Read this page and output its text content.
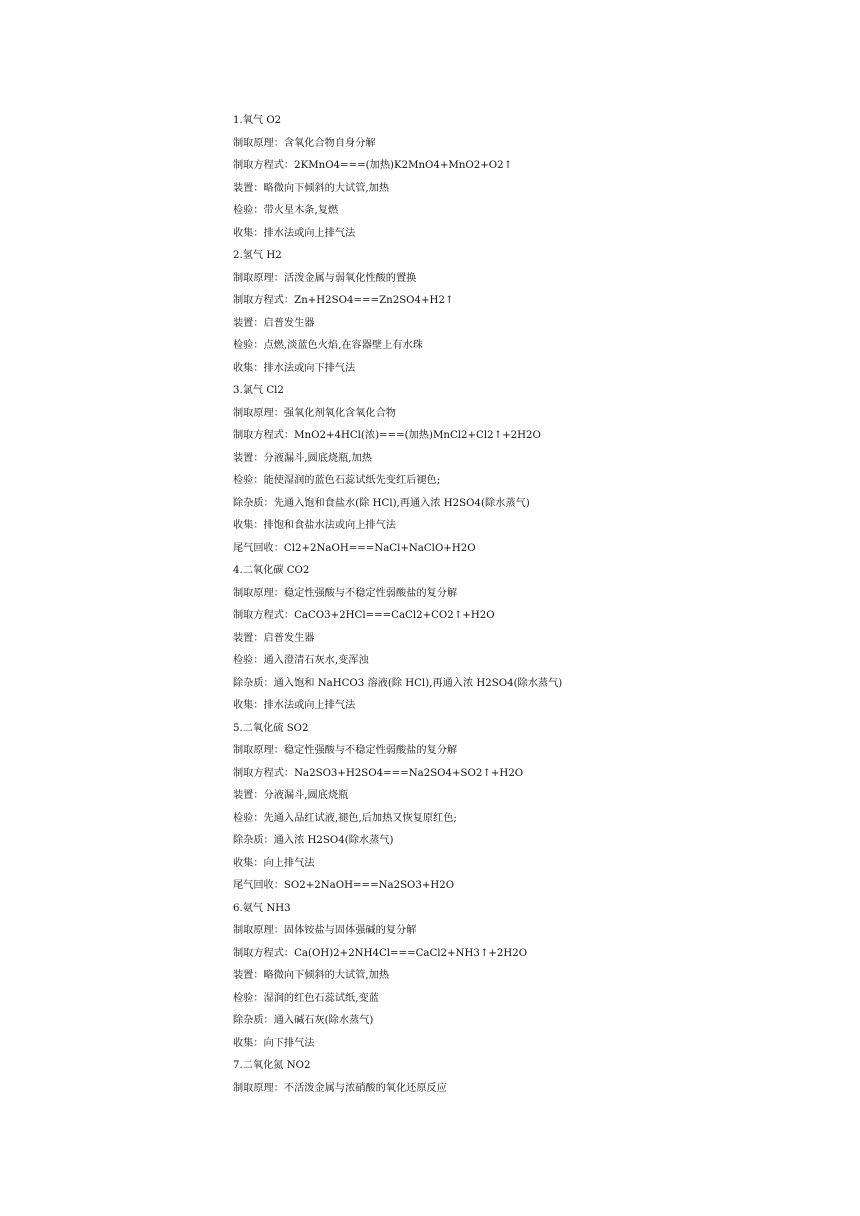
1.氧气 O2
制取原理：含氧化合物自身分解
制取方程式：2KMnO4===(加热)K2MnO4+MnO2+O2↑
装置：略微向下倾斜的大试管,加热
检验：带火星木条,复燃
收集：排水法或向上排气法
2.氢气 H2
制取原理：活泼金属与弱氧化性酸的置换
制取方程式：Zn+H2SO4===Zn2SO4+H2↑
装置：启普发生器
检验：点燃,淡蓝色火焰,在容器壁上有水珠
收集：排水法或向下排气法
3.氯气 Cl2
制取原理：强氧化剂氧化含氧化合物
制取方程式：MnO2+4HCl(浓)===(加热)MnCl2+Cl2↑+2H2O
装置：分液漏斗,圆底烧瓶,加热
检验：能使湿润的蓝色石蕊试纸先变红后褪色;
除杂质：先通入饱和食盐水(除 HCl),再通入浓 H2SO4(除水蒸气)
收集：排饱和食盐水法或向上排气法
尾气回收：Cl2+2NaOH===NaCl+NaClO+H2O
4.二氧化碳 CO2
制取原理：稳定性强酸与不稳定性弱酸盐的复分解
制取方程式：CaCO3+2HCl===CaCl2+CO2↑+H2O
装置：启普发生器
检验：通入澄清石灰水,变浑浊
除杂质：通入饱和 NaHCO3 溶液(除 HCl),再通入浓 H2SO4(除水蒸气)
收集：排水法或向上排气法
5.二氧化硫 SO2
制取原理：稳定性强酸与不稳定性弱酸盐的复分解
制取方程式：Na2SO3+H2SO4===Na2SO4+SO2↑+H2O
装置：分液漏斗,圆底烧瓶
检验：先通入品红试液,褪色,后加热又恢复原红色;
除杂质：通入浓 H2SO4(除水蒸气)
收集：向上排气法
尾气回收：SO2+2NaOH===Na2SO3+H2O
6.氨气 NH3
制取原理：固体铵盐与固体强碱的复分解
制取方程式：Ca(OH)2+2NH4Cl===CaCl2+NH3↑+2H2O
装置：略微向下倾斜的大试管,加热
检验：湿润的红色石蕊试纸,变蓝
除杂质：通入碱石灰(除水蒸气)
收集：向下排气法
7.二氧化氮 NO2
制取原理：不活泼金属与浓硝酸的氧化还原反应
